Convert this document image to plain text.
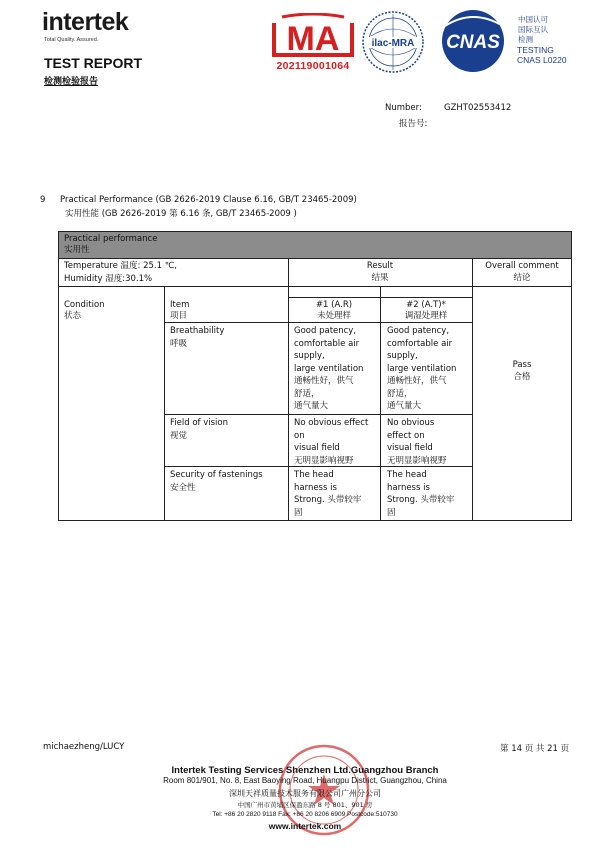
intertek
Total Quality. Assured.
TEST REPORT
检测检验报告
MA
202119001064
ilac-MRA CNAS
中国认可
国际互认
检测
TESTING
CNAS L0220
Number:	GZHT02553412
报告号:
9 Practical Performance (GB 2626-2019 Clause 6.16, GB/T 23465-2009)
实用性能 (GB 2626-2019 第 6.16 条, GB/T 23465-2009 )
Practical performance
实用性
Temperature 温度: 25.1 ℃,
Humidity 湿度:30.1%
Result
结果
Overall comment
结论
Condition
状态
Item
项目
#1 (A.R)
未处理样
#2 (A.T)*
调湿处理样
Breathability
呼吸
Good patency,
comfortable air
supply,
large ventilation
通畅性好，供气
舒适，
通气量大
Good patency,
comfortable air
supply,
large ventilation
通畅性好，供气
舒适，
通气量大
Pass
合格
Field of vision
视觉
No obvious effect
on
visual field
无明显影响视野
No obvious
effect on
visual field
无明显影响视野
Security of fastenings
安全性
The head
harness is
Strong. 头带较牢
固
The head
harness is
Strong. 头带较牢
固
michaezheng/LUCY	第 14 页 共 21 页
Intertek Testing Services Shenzhen Ltd.Guangzhou Branch
Room 801/901, No. 8, East Baoying Road, Huangpu District, Guangzhou, China
深圳天祥质量技术服务有限公司广州分公司
中国广州市黄埔区保盈东路 8 号 801、901 房
Tel: +86 20 2820 9118 Fax: +86 20 8206 6909 Postcode:510730
www.intertek.com
